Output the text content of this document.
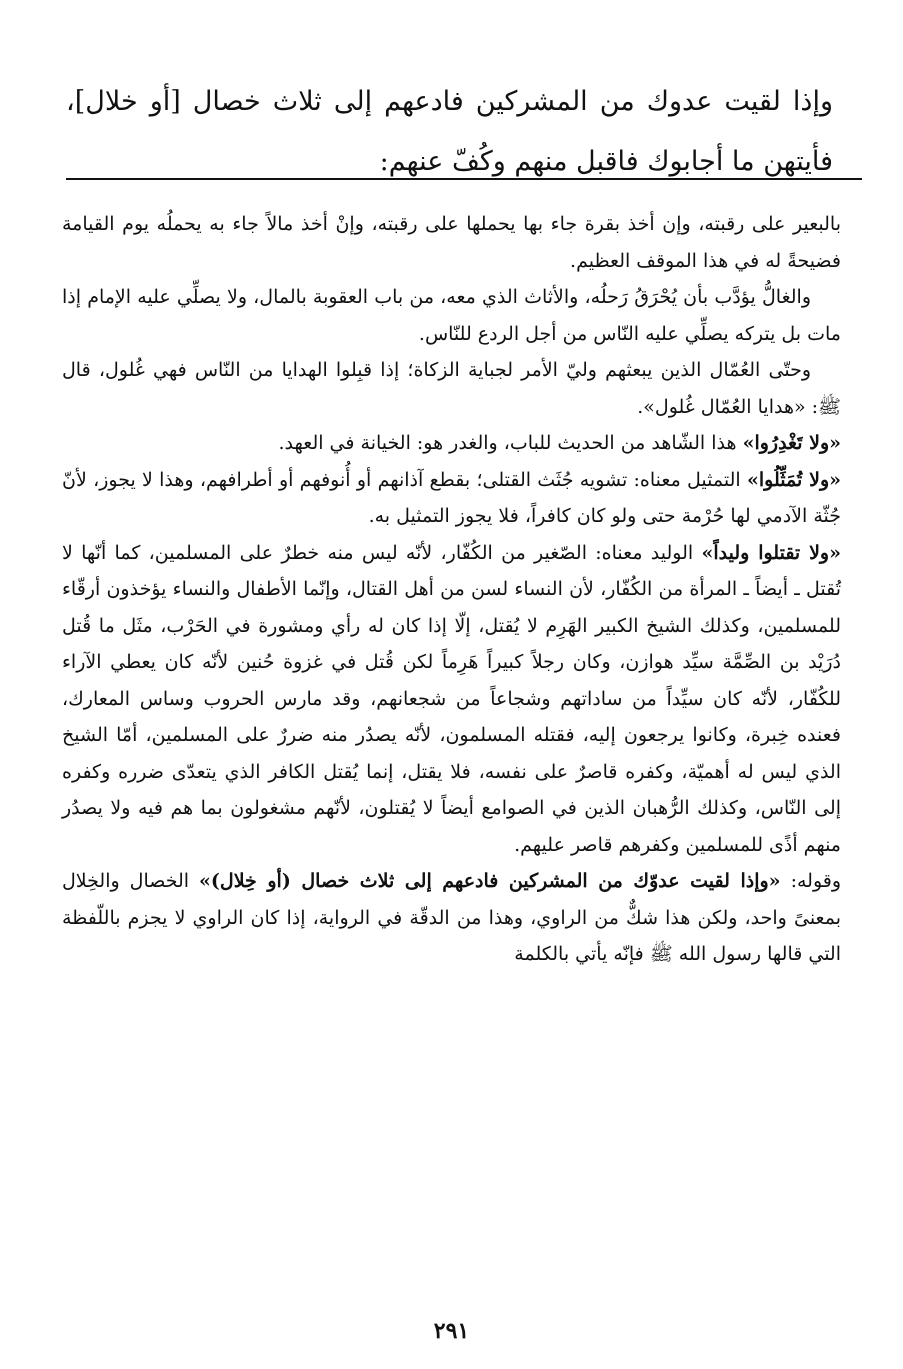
وإذا لقيت عدوك من المشركين فادعهم إلى ثلاث خصال [أو خلال]، فأيتهن ما أجابوك فاقبل منهم وكُفّ عنهم:

بالبعير على رقبته، وإن أخذ بقرة جاء بها يحملها على رقبته، وإنْ أخذ مالاً جاء به يحملُه يوم القيامة فضيحةً له في هذا الموقف العظيم.

والغالُّ يؤدَّب بأن يُحْرَقُ رَحلُه، والأثاث الذي معه، من باب العقوبة بالمال، ولا يصلِّي عليه الإمام إذا مات بل يتركه يصلِّي عليه النّاس من أجل الردع للنّاس.

وحتّى العُمّال الذين يبعثهم وليّ الأمر لجباية الزكاة؛ إذا قبِلوا الهدايا من النّاس فهي غُلول، قال ﷺ: «هدايا العُمّال غُلول».

«ولا تَغْدِرُوا» هذا الشّاهد من الحديث للباب، والغدر هو: الخيانة في العهد.

«ولا تُمَثِّلُوا» التمثيل معناه: تشويه جُثَث القتلى؛ بقطع آذانهم أو أُنوفهم أو أطرافهم، وهذا لا يجوز، لأنّ جُثّة الآدمي لها حُرْمة حتى ولو كان كافراً، فلا يجوز التمثيل به.

«ولا تقتلوا وليداً» الوليد معناه: الصّغير من الكُفّار، لأنّه ليس منه خطرٌ على المسلمين، كما أنّها لا تُقتل ـ أيضاً ـ المرأة من الكُفّار، لأن النساء لسن من أهل القتال، وإنّما الأطفال والنساء يؤخذون أرقّاء للمسلمين، وكذلك الشيخ الكبير الهَرِم لا يُقتل، إلّا إذا كان له رأي ومشورة في الحَرْب، مثَل ما قُتل دُرَيْد بن الصِّمَّة سيِّد هوازن، وكان رجلاً كبيراً هَرِماً لكن قُتل في غزوة حُنين لأنّه كان يعطي الآراء للكُفّار، لأنّه كان سيِّداً من ساداتهم وشجاعاً من شجعانهم، وقد مارس الحروب وساس المعارك، فعنده خِبرة، وكانوا يرجعون إليه، فقتله المسلمون، لأنّه يصدُر منه ضررٌ على المسلمين، أمّا الشيخ الذي ليس له أهميّة، وكفره قاصرٌ على نفسه، فلا يقتل، إنما يُقتل الكافر الذي يتعدّى ضرره وكفره إلى النّاس، وكذلك الرُّهبان الذين في الصوامع أيضاً لا يُقتلون، لأنّهم مشغولون بما هم فيه ولا يصدُر منهم أذًى للمسلمين وكفرهم قاصر عليهم.

وقوله: «وإذا لقيت عدوّك من المشركين فادعهم إلى ثلاث خصال (أو خِلال)» الخصال والخِلال بمعنىً واحد، ولكن هذا شكٌّ من الراوي، وهذا من الدقّة في الرواية، إذا كان الراوي لا يجزم باللّفظة التي قالها رسول الله ﷺ فإنّه يأتي بالكلمة

٢٩١
